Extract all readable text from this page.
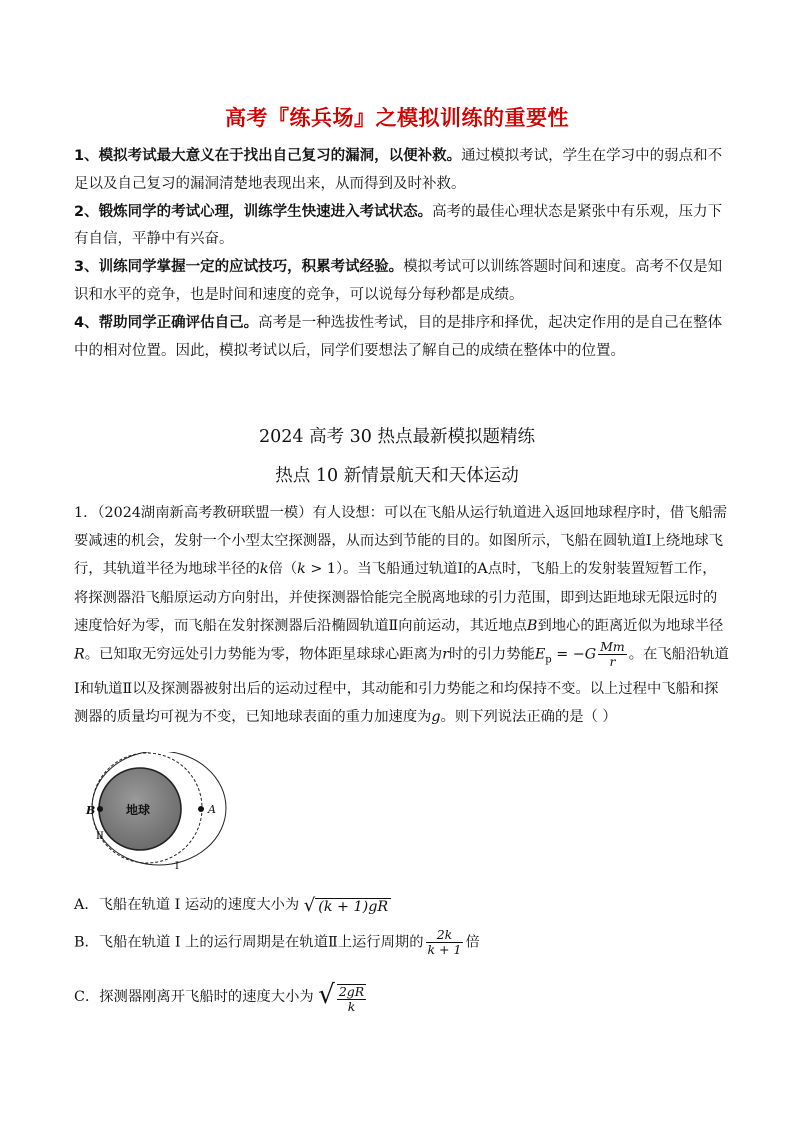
高考『练兵场』之模拟训练的重要性

1、模拟考试最大意义在于找出自己复习的漏洞，以便补救。通过模拟考试，学生在学习中的弱点和不足以及自己复习的漏洞清楚地表现出来，从而得到及时补救。

2、锻炼同学的考试心理，训练学生快速进入考试状态。高考的最佳心理状态是紧张中有乐观，压力下有自信，平静中有兴奋。

3、训练同学掌握一定的应试技巧，积累考试经验。模拟考试可以训练答题时间和速度。高考不仅是知识和水平的竞争，也是时间和速度的竞争，可以说每分每秒都是成绩。

4、帮助同学正确评估自己。高考是一种选拔性考试，目的是排序和择优，起决定作用的是自己在整体中的相对位置。因此，模拟考试以后，同学们要想法了解自己的成绩在整体中的位置。

2024 高考 30 热点最新模拟题精练
热点 10 新情景航天和天体运动

1．（2024湖南新高考教研联盟一模）有人设想：可以在飞船从运行轨道进入返回地球程序时，借飞船需要减速的机会，发射一个小型太空探测器，从而达到节能的目的。如图所示，飞船在圆轨道Ⅰ上绕地球飞行，其轨道半径为地球半径的k倍（k > 1）。当飞船通过轨道Ⅰ的A点时，飞船上的发射装置短暂工作，将探测器沿飞船原运动方向射出，并使探测器恰能完全脱离地球的引力范围，即到达距地球无限远时的速度恰好为零，而飞船在发射探测器后沿椭圆轨道Ⅱ向前运动，其近地点B到地心的距离近似为地球半径R。已知取无穷远处引力势能为零，物体距星球球心距离为r时的引力势能$E_p = -G \frac{Mm}{r}$ 。在飞船沿轨道Ⅰ和轨道Ⅱ以及探测器被射出后的运动过程中，其动能和引力势能之和均保持不变。以上过程中飞船和探测器的质量均可视为不变，已知地球表面的重力加速度为g。则下列说法正确的是（ ）

地球	A
B
II
I
A．飞船在轨道 I 运动的速度大小为 √ (k + 1)gR
B．飞船在轨道 I 上的运行周期是在轨道Ⅱ上运行周期的 $\frac{2k}{k + 1}$ 倍
C．探测器刚离开飞船时的速度大小为 √ $\frac{2gR}{k}$
